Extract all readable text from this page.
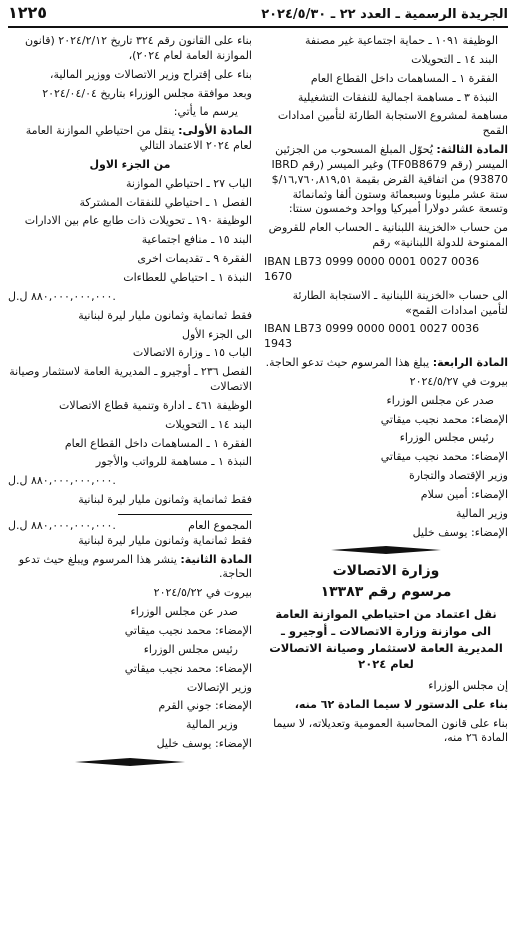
الجريدة الرسمية ـ العدد ٢٢ ـ ٢٠٢٤/٥/٣٠
١٢٢٥

الوظيفة ١٠٩١ ـ حماية اجتماعية غير مصنفة

البند ١٤ ـ التحويلات

الفقرة ١ ـ المساهمات داخل القطاع العام

النبذة ٣ ـ مساهمة اجمالية للنفقات التشغيلية

مساهمة لمشروع الاستجابة الطارئة لتأمين امدادات القمح

المادة الثالثة: يُحوّل المبلغ المسحوب من الجزئين الميسر (رقم TF0B8679) وغير الميسر (رقم IBRD 93870) من اتفاقية القرض بقيمة ١٦,٧٦٠,٨١٩,٥١/$ ستة عشر مليونا وسبعمائة وستون ألفا وثمانمائة وتسعة عشر دولارا أميركيا وواحد وخمسون سنتا:

من حساب «الخزينة اللبنانية ـ الحساب العام للقروض الممنوحة للدولة اللبنانية» رقم

IBAN LB73 0999 0000 0001 0027 0036 1670

الى حساب «الخزينة اللبنانية ـ الاستجابة الطارئة لتأمين امدادات القمح»

IBAN LB73 0999 0000 0001 0027 0036 1943

المادة الرابعة: يبلغ هذا المرسوم حيث تدعو الحاجة.

بيروت في ٢٠٢٤/٥/٢٧

صدر عن مجلس الوزراء

الإمضاء: محمد نجيب ميقاتي

رئيس مجلس الوزراء

الإمضاء: محمد نجيب ميقاتي

وزير الإقتصاد والتجارة

الإمضاء: أمين سلام

وزير المالية

الإمضاء: يوسف خليل

وزارة الاتصالات
مرسوم رقم ١٣٣٨٣
نقل اعتماد من احتياطي الموازنة العامة الى موازنة وزارة الاتصالات ـ أوجيرو ـ المديرية العامة لاستثمار وصيانة الاتصالات لعام ٢٠٢٤

إن مجلس الوزراء

بناء على الدستور لا سيما المادة ٦٢ منه،

بناء على قانون المحاسبة العمومية وتعديلاته، لا سيما المادة ٢٦ منه،

بناء على القانون رقم ٣٢٤ تاريخ ٢٠٢٤/٢/١٢ (قانون الموازنة العامة لعام ٢٠٢٤)،

بناء على إقتراح وزير الاتصالات ووزير المالية،

وبعد موافقة مجلس الوزراء بتاريخ ٢٠٢٤/٠٤/٠٤

يرسم ما يأتي:

المادة الأولى: ينقل من احتياطي الموازنة العامة لعام ٢٠٢٤ الاعتماد التالي

من الجزء الاول

الباب ٢٧ ـ احتياطي الموازنة

الفصل ١ ـ احتياطي للنفقات المشتركة

الوظيفة ١٩٠ ـ تحويلات ذات طابع عام بين الادارات

البند ١٥ ـ منافع اجتماعية

الفقرة ٩ ـ تقديمات اخرى

النبذة ١ ـ احتياطي للعطاءات

٨٨٠,٠٠٠,٠٠٠,٠٠٠ ل.ل.

فقط ثمانماية وثمانون مليار ليرة لبنانية

الى الجزء الأول

الباب ١٥ ـ وزارة الاتصالات

الفصل ٢٣٦ ـ أوجيرو ـ المديرية العامة لاستثمار وصيانة الاتصالات

الوظيفة ٤٦١ ـ ادارة وتنمية قطاع الاتصالات

البند ١٤ ـ التحويلات

الفقرة ١ ـ المساهمات داخل القطاع العام

النبذة ١ ـ مساهمة للرواتب والأجور

٨٨٠,٠٠٠,٠٠٠,٠٠٠ ل.ل.

فقط ثمانماية وثمانون مليار ليرة لبنانية

المجموع العام
٨٨٠,٠٠٠,٠٠٠,٠٠٠ ل.ل.

فقط ثمانماية وثمانون مليار ليرة لبنانية

المادة الثانية: ينشر هذا المرسوم ويبلغ حيث تدعو الحاجة.

بيروت في ٢٠٢٤/٥/٢٢

صدر عن مجلس الوزراء

الإمضاء: محمد نجيب ميقاتي

رئيس مجلس الوزراء

الإمضاء: محمد نجيب ميقاتي

وزير الإتصالات

الإمضاء: جوني القرم

وزير المالية

الإمضاء: يوسف خليل
